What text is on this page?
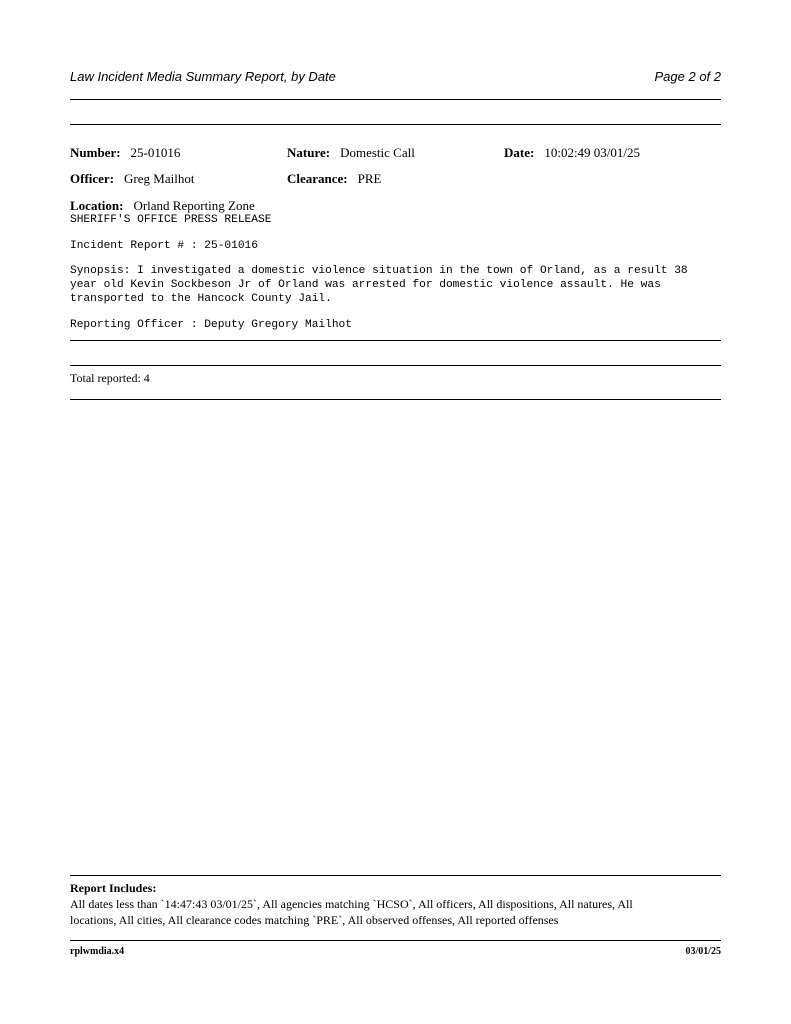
Law Incident Media Summary Report, by Date	Page 2 of 2
Number: 25-01016	Nature: Domestic Call	Date: 10:02:49 03/01/25
Officer: Greg Mailhot	Clearance: PRE
Location: Orland Reporting Zone
SHERIFF'S OFFICE PRESS RELEASE
Incident Report # : 25-01016
Synopsis: I investigated a domestic violence situation in the town of Orland, as a result 38
year old Kevin Sockbeson Jr of Orland was arrested for domestic violence assault. He was
transported to the Hancock County Jail.
Reporting Officer : Deputy Gregory Mailhot
Total reported: 4
Report Includes:
All dates less than `14:47:43 03/01/25`, All agencies matching `HCSO`, All officers, All dispositions, All natures, All
locations, All cities, All clearance codes matching `PRE`, All observed offenses, All reported offenses
rplwmdia.x4	03/01/25
